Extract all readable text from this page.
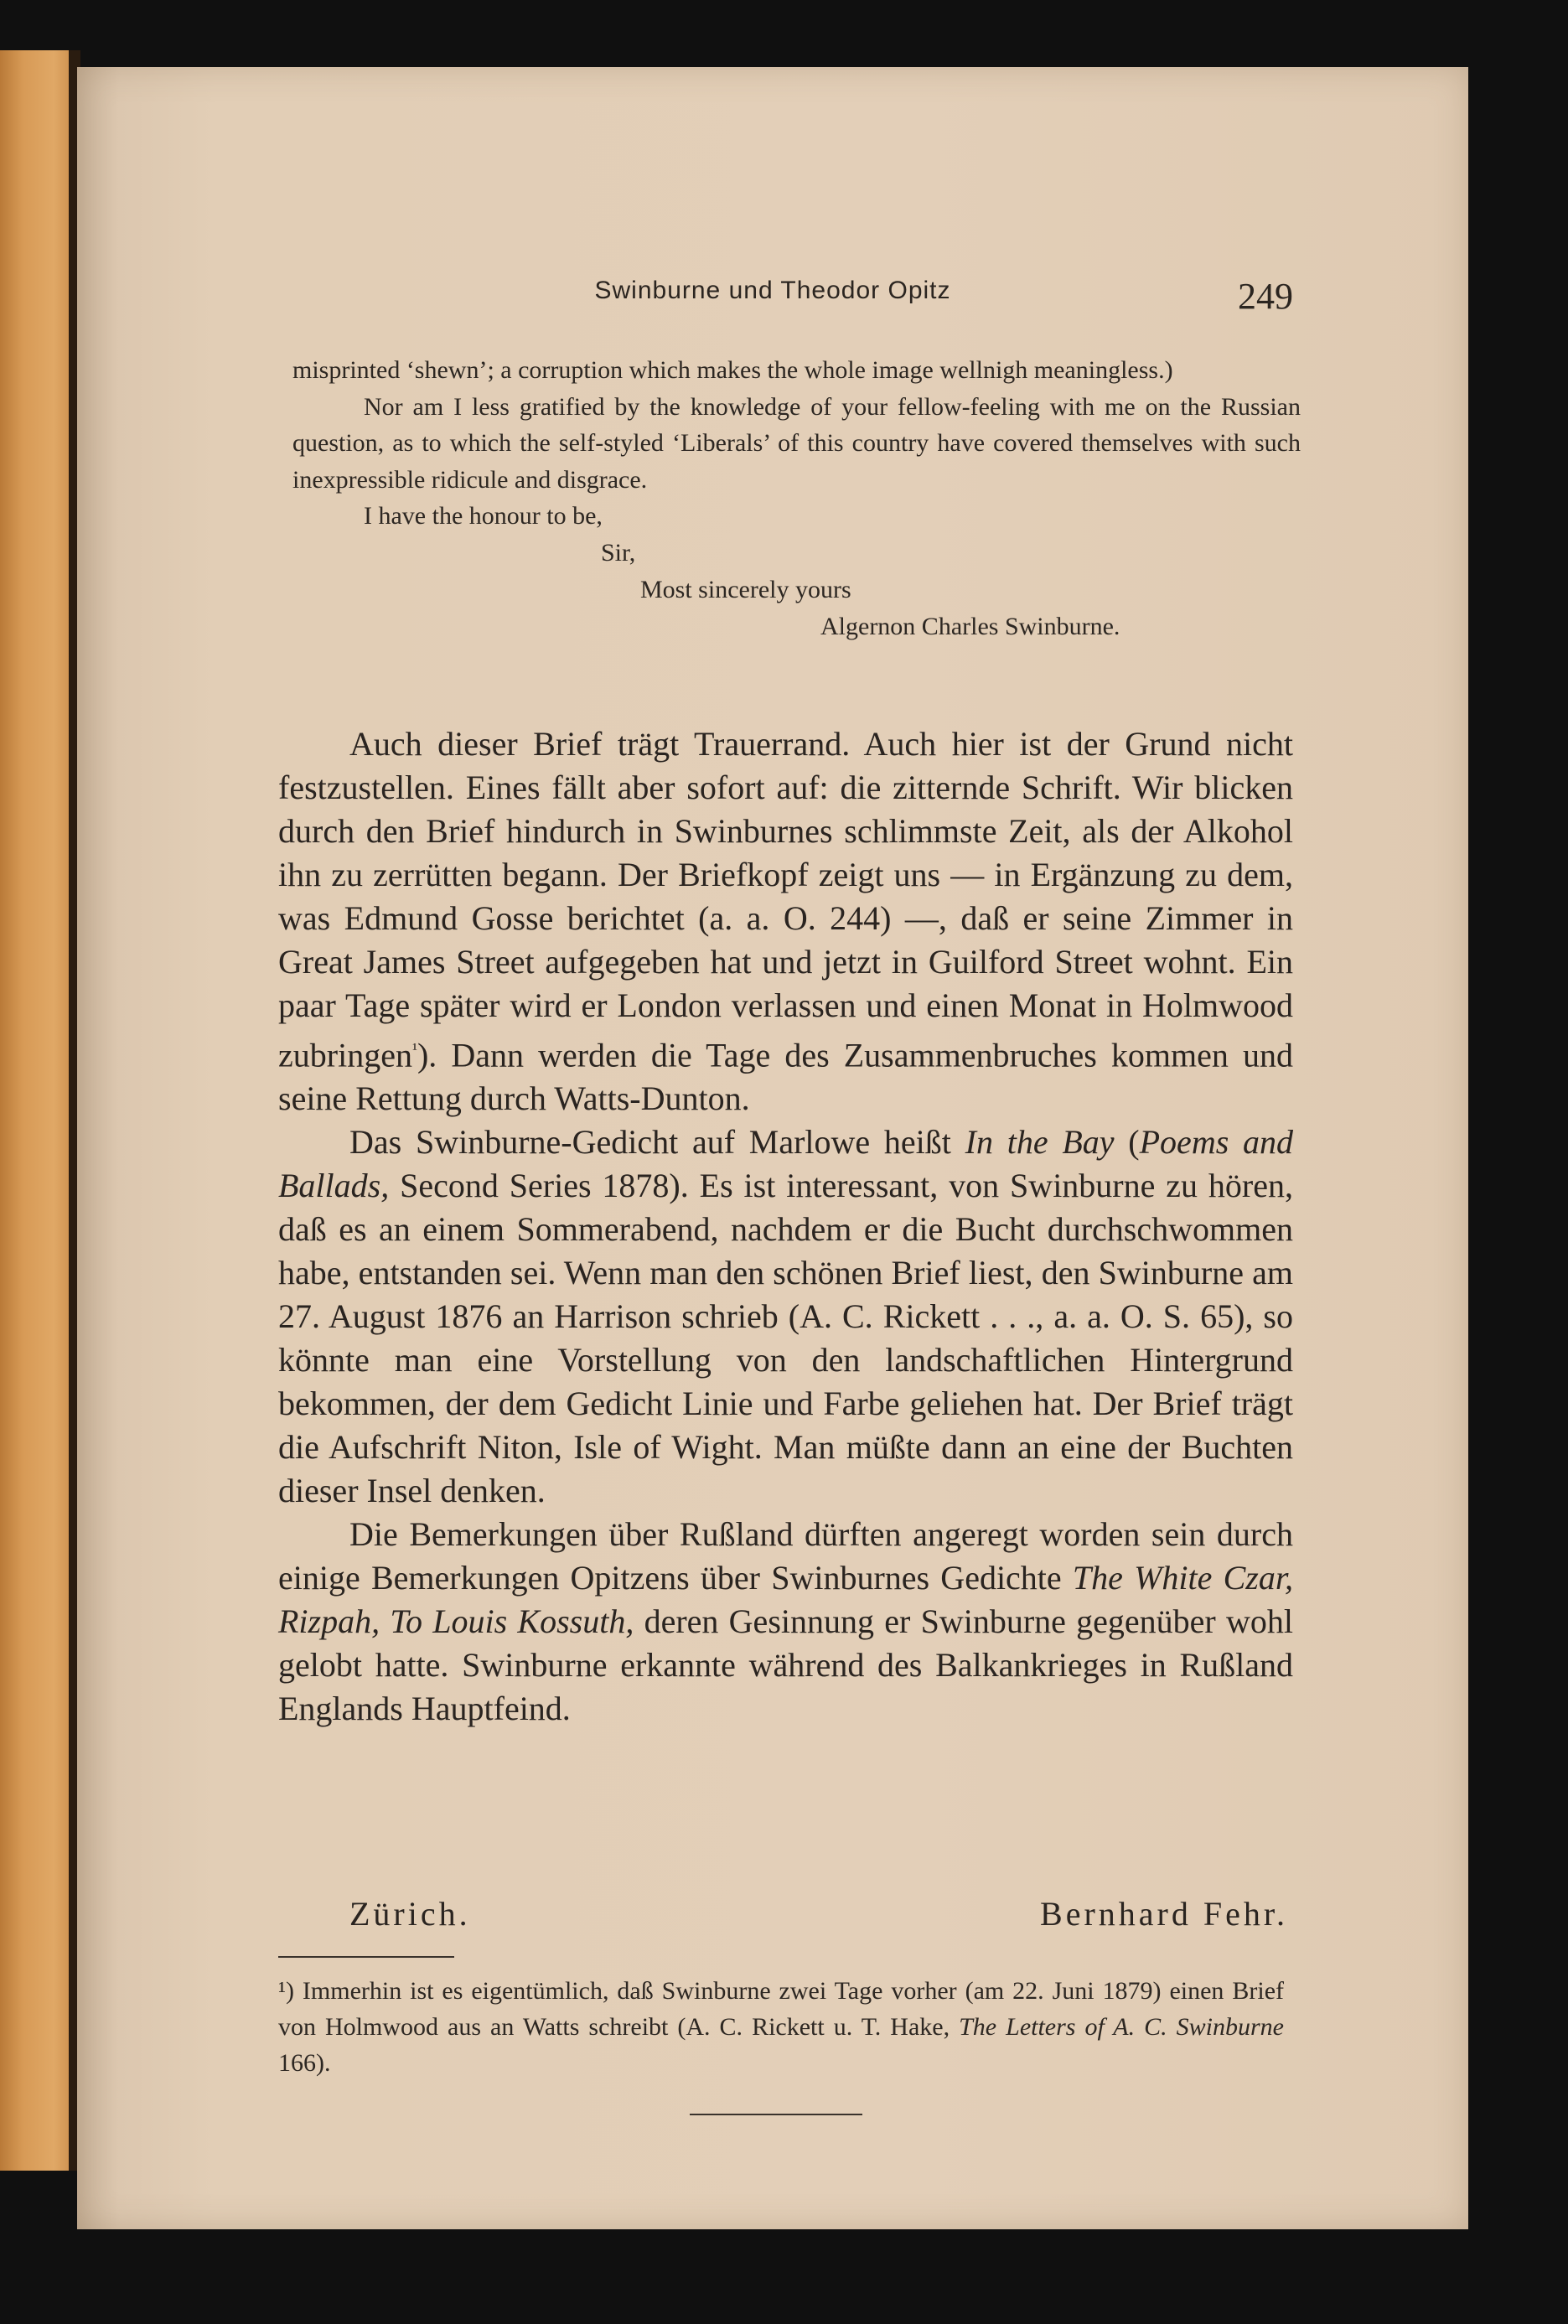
Swinburne und Theodor Opitz	249

misprinted ‘shewn’; a corruption which makes the whole image wellnigh meaningless.)

Nor am I less gratified by the knowledge of your fellow-feeling with me on the Russian question, as to which the self-styled ‘Liberals’ of this country have covered themselves with such inexpressible ridicule and disgrace.

I have the honour to be,

Sir,

Most sincerely yours

Algernon Charles Swinburne.

Auch dieser Brief trägt Trauerrand. Auch hier ist der Grund nicht festzustellen. Eines fällt aber sofort auf: die zitternde Schrift. Wir blicken durch den Brief hindurch in Swinburnes schlimmste Zeit, als der Alkohol ihn zu zerrütten begann. Der Briefkopf zeigt uns — in Ergänzung zu dem, was Edmund Gosse berichtet (a. a. O. 244) —, daß er seine Zimmer in Great James Street aufgegeben hat und jetzt in Guilford Street wohnt. Ein paar Tage später wird er London verlassen und einen Monat in Holmwood zubringen$^{^1}$). Dann werden die Tage des Zusammenbruches kommen und seine Rettung durch Watts-Dunton.

Das Swinburne-Gedicht auf Marlowe heißt In the Bay (Poems and Ballads, Second Series 1878). Es ist interessant, von Swinburne zu hören, daß es an einem Sommerabend, nachdem er die Bucht durchschwommen habe, entstanden sei. Wenn man den schönen Brief liest, den Swinburne am 27. August 1876 an Harrison schrieb (A. C. Rickett . . ., a. a. O. S. 65), so könnte man eine Vorstellung von den landschaftlichen Hintergrund bekommen, der dem Gedicht Linie und Farbe geliehen hat. Der Brief trägt die Aufschrift Niton, Isle of Wight. Man müßte dann an eine der Buchten dieser Insel denken.

Die Bemerkungen über Rußland dürften angeregt worden sein durch einige Bemerkungen Opitzens über Swinburnes Gedichte The White Czar, Rizpah, To Louis Kossuth, deren Gesinnung er Swinburne gegenüber wohl gelobt hatte. Swinburne erkannte während des Balkankrieges in Rußland Englands Hauptfeind.

Zürich.	Bernhard Fehr.
¹) Immerhin ist es eigentümlich, daß Swinburne zwei Tage vorher (am 22. Juni 1879) einen Brief von Holmwood aus an Watts schreibt (A. C. Rickett u. T. Hake, The Letters of A. C. Swinburne 166).
